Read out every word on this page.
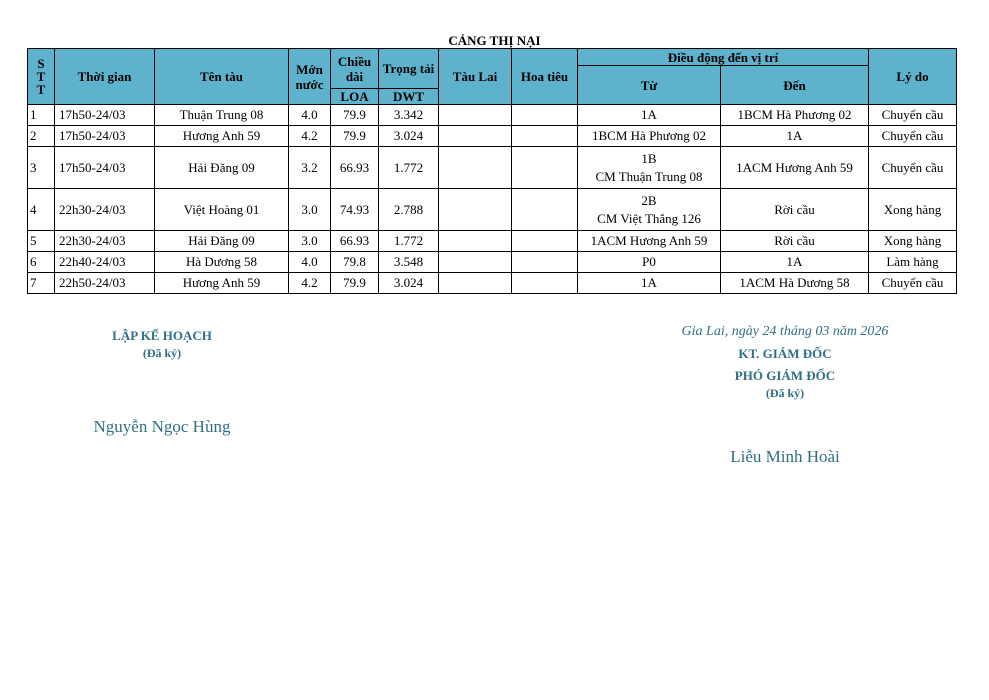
CẢNG THỊ NẠI
S
T
T	Thời gian	Tên tàu	Mớn
nước	Chiều
dài	Trọng tải	Tàu Lai	Hoa tiêu	Điều động đến vị trí		Lý do
								Từ	Đến	
				LOA	DWT					
1	17h50-24/03	Thuận Trung 08	4.0	79.9	3.342			1A	1BCM Hà Phương 02	Chuyển cầu
2	17h50-24/03	Hương Anh 59	4.2	79.9	3.024			1BCM Hà Phương 02	1A	Chuyển cầu
3	17h50-24/03	Hải Đăng 09	3.2	66.93	1.772			1B
CM Thuận Trung 08	1ACM Hương Anh 59	Chuyển cầu
4	22h30-24/03	Việt Hoàng 01	3.0	74.93	2.788			2B
CM Việt Thắng 126	Rời cầu	Xong hàng
5	22h30-24/03	Hải Đăng 09	3.0	66.93	1.772			1ACM Hương Anh 59	Rời cầu	Xong hàng
6	22h40-24/03	Hà Dương 58	4.0	79.8	3.548			P0	1A	Làm hàng
7	22h50-24/03	Hương Anh 59	4.2	79.9	3.024			1A	1ACM Hà Dương 58	Chuyển cầu
LẬP KẾ HOẠCH
(Đã ký)
Nguyễn Ngọc Hùng
Gia Lai, ngày 24 tháng 03 năm 2026
KT. GIÁM ĐỐC
PHÓ GIÁM ĐỐC
(Đã ký)
Liễu Minh Hoài
